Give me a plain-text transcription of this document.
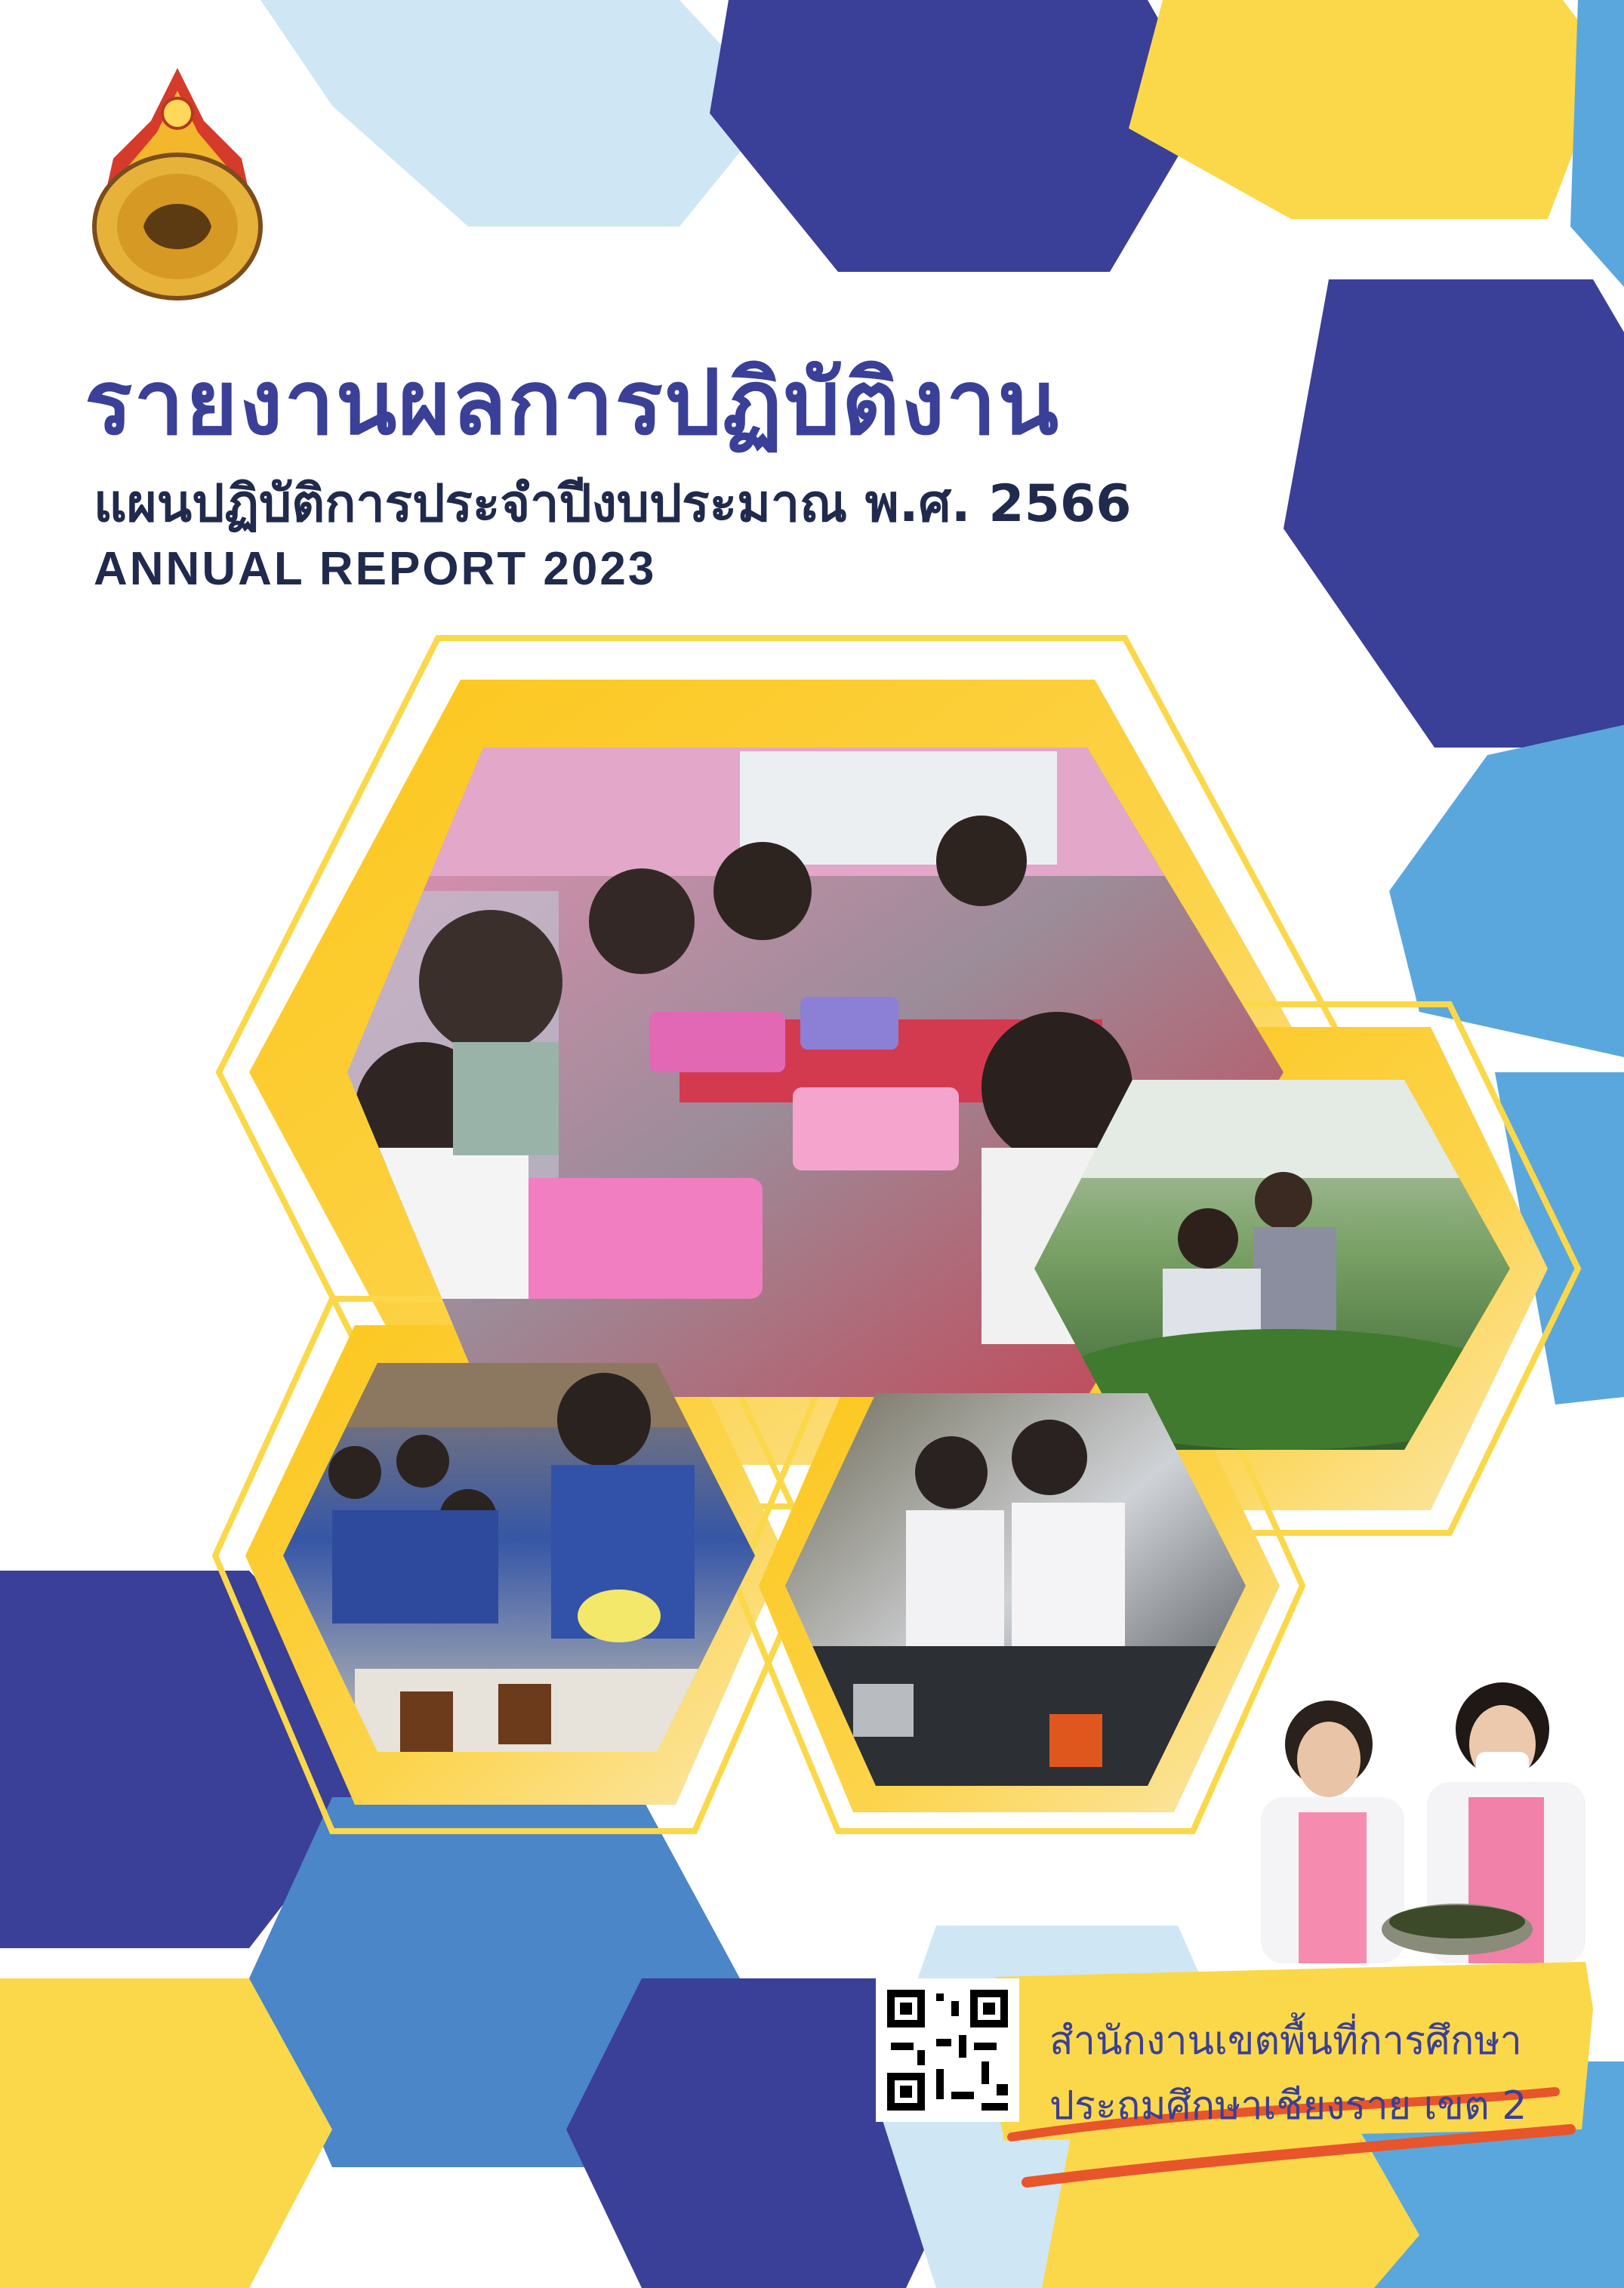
รายงานผลการปฏิบัติงาน
แผนปฏิบัติการประจำปีงบประมาณ พ.ศ. 2566
ANNUAL REPORT 2023
สำนักงานเขตพื้นที่การศึกษา
ประถมศึกษาเชียงราย เขต 2
